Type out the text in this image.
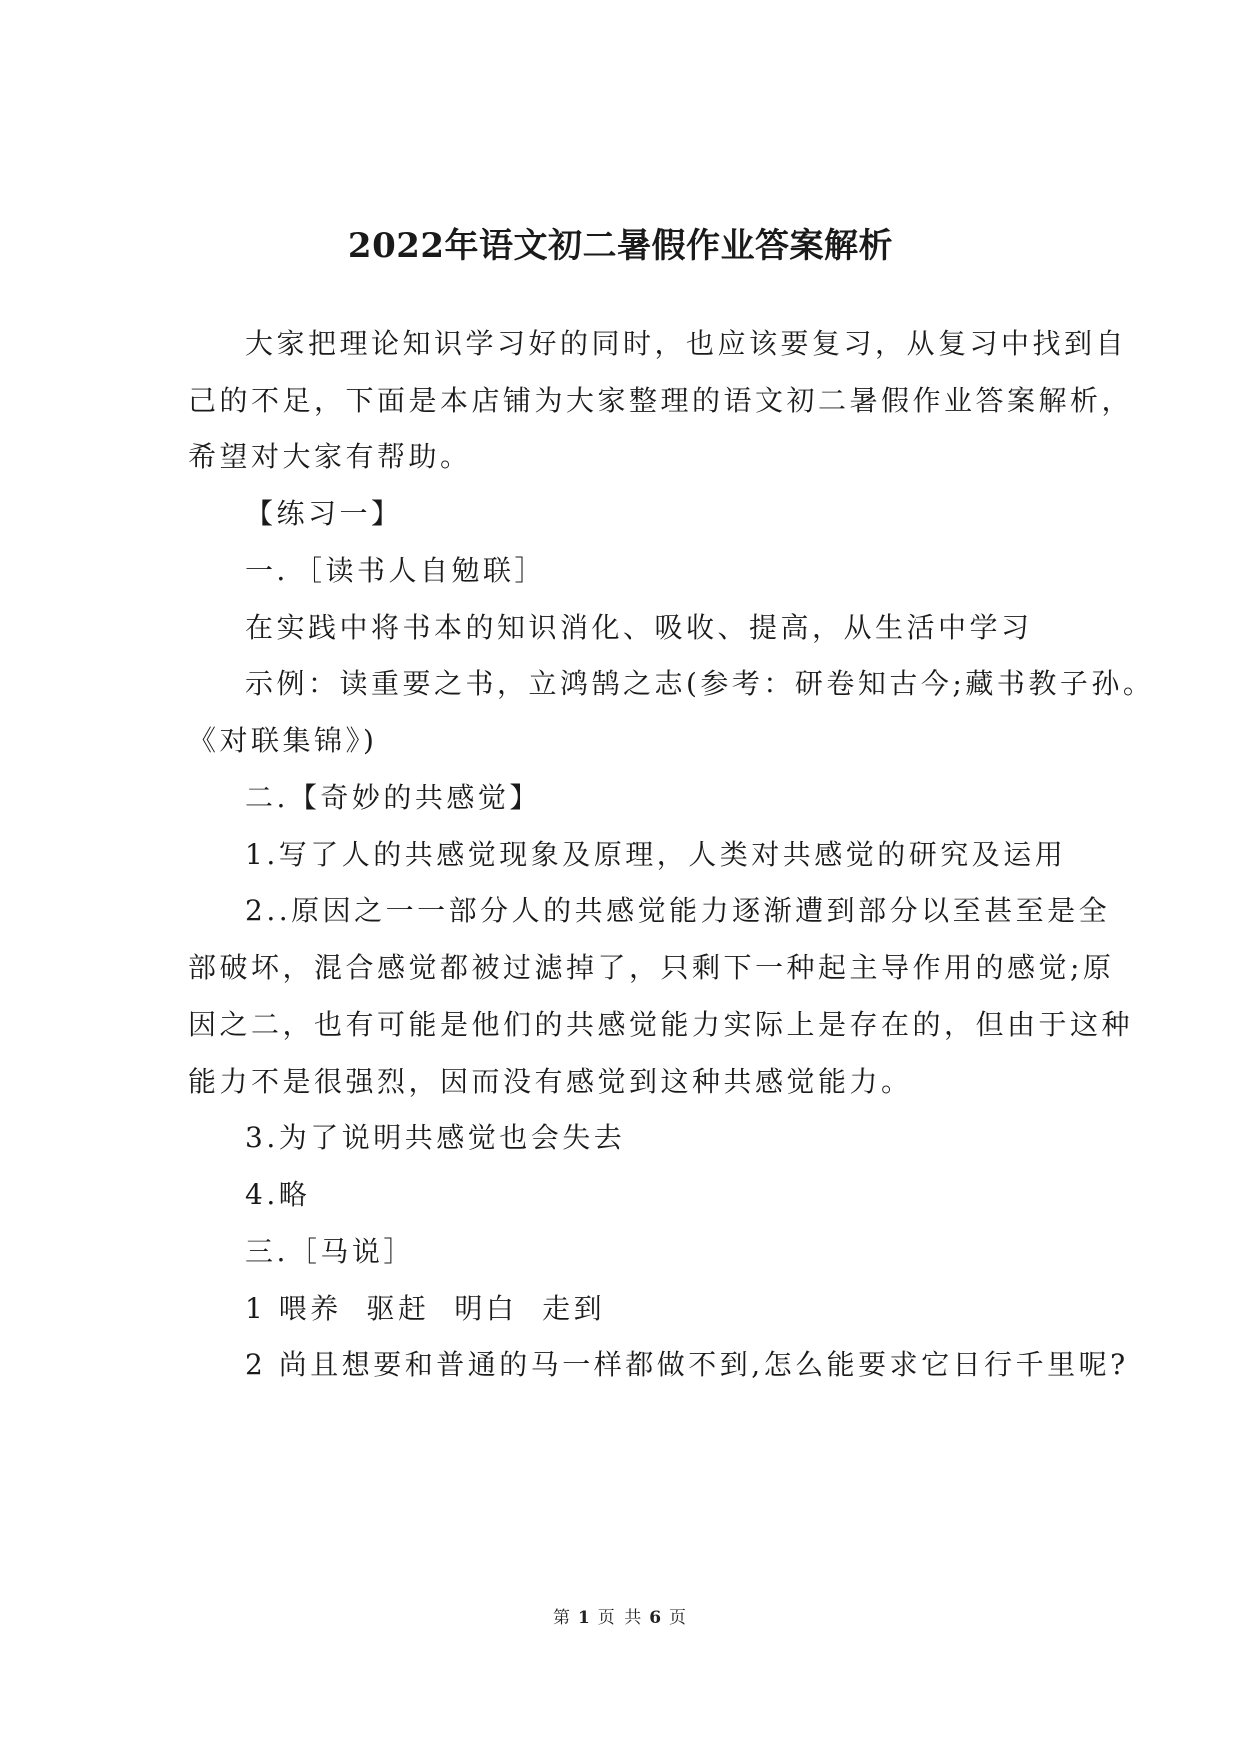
2022年语文初二暑假作业答案解析

大家把理论知识学习好的同时，也应该要复习，从复习中找到自

己的不足，下面是本店铺为大家整理的语文初二暑假作业答案解析，

希望对大家有帮助。

【练习一】

一．［读书人自勉联］

在实践中将书本的知识消化、吸收、提高，从生活中学习

示例：读重要之书，立鸿鹄之志(参考：研卷知古今;藏书教子孙。

《对联集锦》)

二.【奇妙的共感觉】

1.写了人的共感觉现象及原理，人类对共感觉的研究及运用

2..原因之一一部分人的共感觉能力逐渐遭到部分以至甚至是全

部破坏，混合感觉都被过滤掉了，只剩下一种起主导作用的感觉;原

因之二，也有可能是他们的共感觉能力实际上是存在的，但由于这种

能力不是很强烈，因而没有感觉到这种共感觉能力。

3.为了说明共感觉也会失去

4.略

三.［马说］

1 喂养  驱赶  明白  走到

2 尚且想要和普通的马一样都做不到,怎么能要求它日行千里呢?

第 1 页 共 6 页
